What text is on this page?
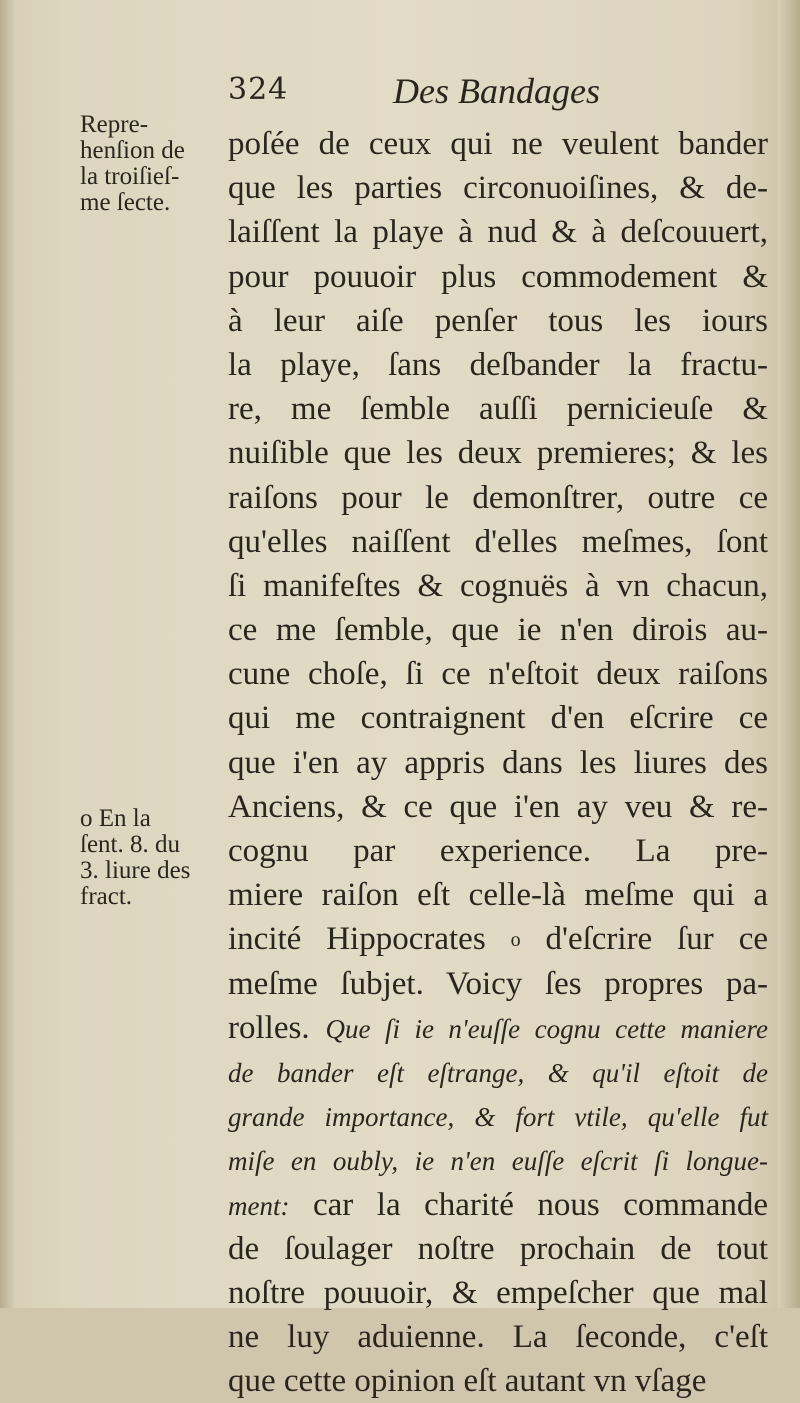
324	Des Bandages
Repre-
henſion de
la troiſieſ-
me ſecte.
o En la
ſent. 8. du
3. liure des
fract.
poſée de ceux qui ne veulent bander
que les parties circonuoiſines, & de-
laiſſent la playe à nud & à deſcouuert,
pour pouuoir plus commodement &
à leur aiſe penſer tous les iours
la playe, ſans deſbander la fractu-
re, me ſemble auſſi pernicieuſe &
nuiſible que les deux premieres; & les
raiſons pour le demonſtrer, outre ce
qu'elles naiſſent d'elles meſmes, ſont
ſi manifeſtes & cognuës à vn chacun,
ce me ſemble, que ie n'en dirois au-
cune choſe, ſi ce n'eſtoit deux raiſons
qui me contraignent d'en eſcrire ce
que i'en ay appris dans les liures des
Anciens, & ce que i'en ay veu & re-
cognu par experience. La pre-
miere raiſon eſt celle-là meſme qui a
incité Hippocrates o d'eſcrire ſur ce
meſme ſubjet. Voicy ſes propres pa-
rolles. Que ſi ie n'euſſe cognu cette maniere
de bander eſt eſtrange, & qu'il eſtoit de
grande importance, & fort vtile, qu'elle fut
miſe en oubly, ie n'en euſſe eſcrit ſi longue-
ment: car la charité nous commande
de ſoulager noſtre prochain de tout
noſtre pouuoir, & empeſcher que mal
ne luy aduienne. La ſeconde, c'eſt
que cette opinion eſt autant vn vſage
